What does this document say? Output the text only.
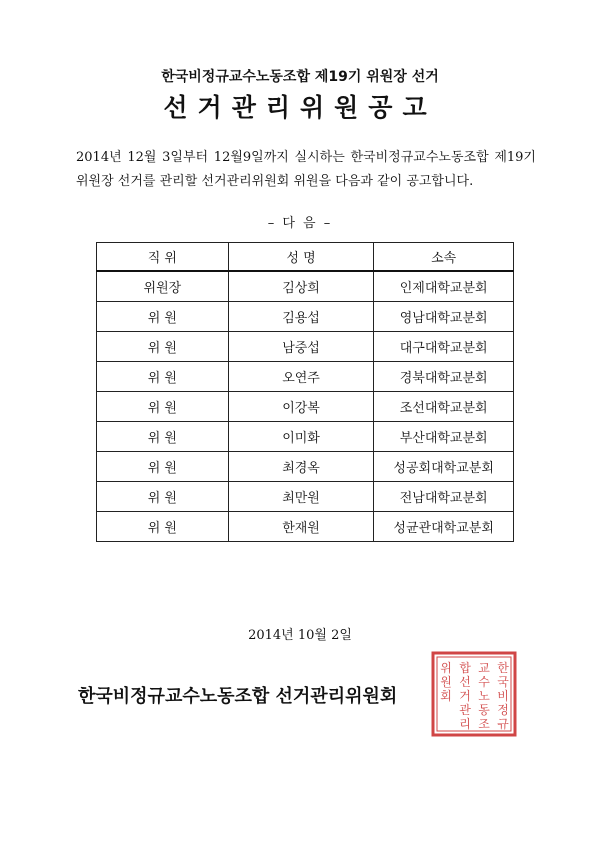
한국비정규교수노동조합 제19기 위원장 선거
선거관리위원공고
2014년 12월 3일부터 12월9일까지 실시하는 한국비정규교수노동조합 제19기 위원장 선거를 관리할 선거관리위원회 위원을 다음과 같이 공고합니다.
– 다 음 –
직 위	성 명	소속
위원장	김상희	인제대학교분회
위 원	김용섭	영남대학교분회
위 원	남중섭	대구대학교분회
위 원	오연주	경북대학교분회
위 원	이강복	조선대학교분회
위 원	이미화	부산대학교분회
위 원	최경옥	성공회대학교분회
위 원	최만원	전남대학교분회
위 원	한재원	성균관대학교분회
2014년 10월 2일
한국비정규교수노동조합 선거관리위원회
한
국
비
정
규
교
수
노
동
조
합
선
거
관
리
위
원
회
